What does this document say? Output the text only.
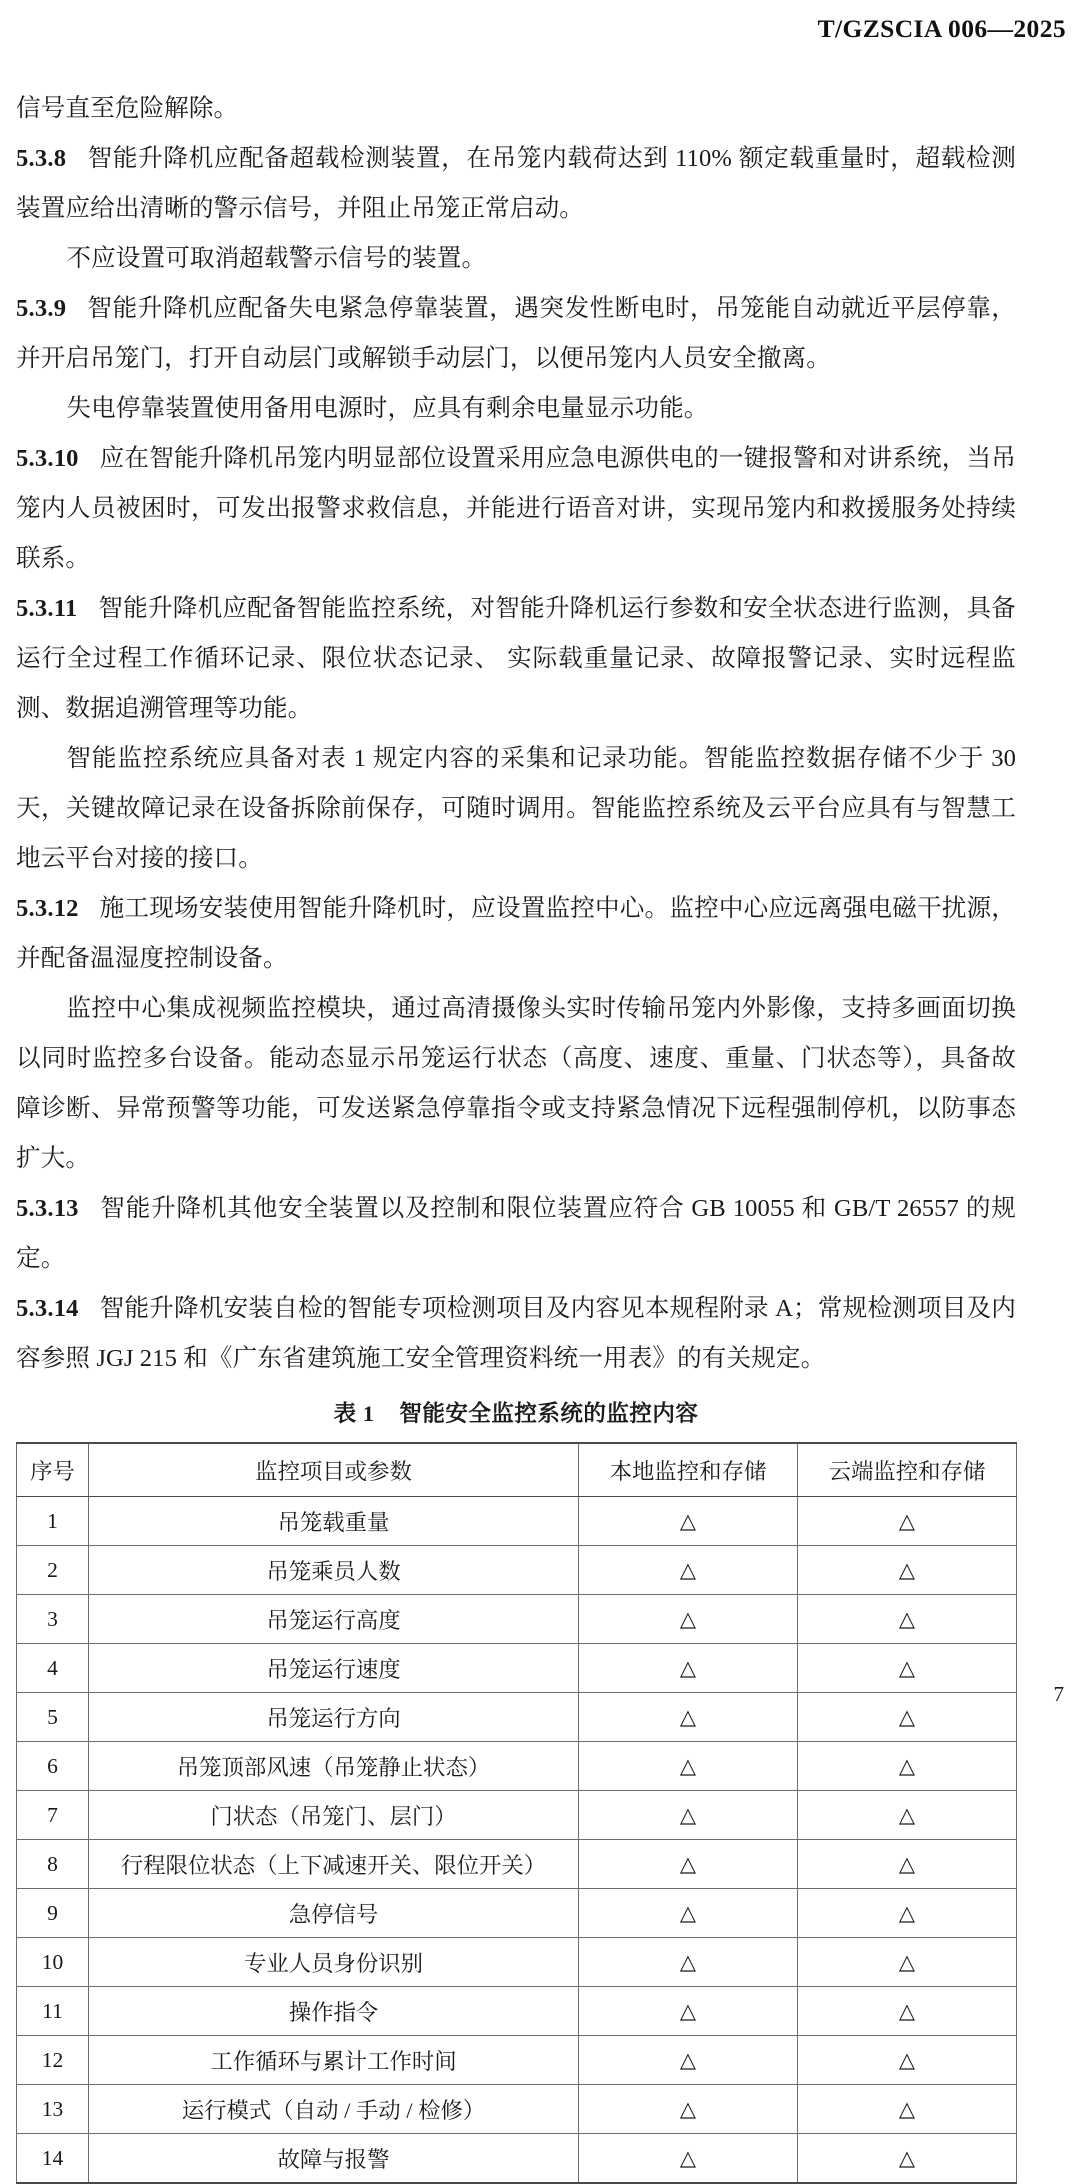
T/GZSCIA 006—2025

信号直至危险解除。

5.3.8 智能升降机应配备超载检测装置，在吊笼内载荷达到 110% 额定载重量时，超载检测装置应给出清晰的警示信号，并阻止吊笼正常启动。

不应设置可取消超载警示信号的装置。

5.3.9 智能升降机应配备失电紧急停靠装置，遇突发性断电时，吊笼能自动就近平层停靠，并开启吊笼门，打开自动层门或解锁手动层门，以便吊笼内人员安全撤离。

失电停靠装置使用备用电源时，应具有剩余电量显示功能。

5.3.10 应在智能升降机吊笼内明显部位设置采用应急电源供电的一键报警和对讲系统，当吊笼内人员被困时，可发出报警求救信息，并能进行语音对讲，实现吊笼内和救援服务处持续联系。

5.3.11 智能升降机应配备智能监控系统，对智能升降机运行参数和安全状态进行监测，具备运行全过程工作循环记录、限位状态记录、 实际载重量记录、故障报警记录、实时远程监测、数据追溯管理等功能。

智能监控系统应具备对表 1 规定内容的采集和记录功能。智能监控数据存储不少于 30 天，关键故障记录在设备拆除前保存，可随时调用。智能监控系统及云平台应具有与智慧工地云平台对接的接口。

5.3.12 施工现场安装使用智能升降机时，应设置监控中心。监控中心应远离强电磁干扰源，并配备温湿度控制设备。

监控中心集成视频监控模块，通过高清摄像头实时传输吊笼内外影像，支持多画面切换以同时监控多台设备。能动态显示吊笼运行状态（高度、速度、重量、门状态等），具备故障诊断、异常预警等功能，可发送紧急停靠指令或支持紧急情况下远程强制停机，以防事态扩大。

5.3.13 智能升降机其他安全装置以及控制和限位装置应符合 GB 10055 和 GB/T 26557 的规定。

5.3.14 智能升降机安装自检的智能专项检测项目及内容见本规程附录 A；常规检测项目及内容参照 JGJ 215 和《广东省建筑施工安全管理资料统一用表》的有关规定。

表 1 智能安全监控系统的监控内容
序号	监控项目或参数	本地监控和存储	云端监控和存储
1	吊笼载重量	△	△
2	吊笼乘员人数	△	△
3	吊笼运行高度	△	△
4	吊笼运行速度	△	△
5	吊笼运行方向	△	△
6	吊笼顶部风速（吊笼静止状态）	△	△
7	门状态（吊笼门、层门）	△	△
8	行程限位状态（上下减速开关、限位开关）	△	△
9	急停信号	△	△
10	专业人员身份识别	△	△
11	操作指令	△	△
12	工作循环与累计工作时间	△	△
13	运行模式（自动 / 手动 / 检修）	△	△
14	故障与报警	△	△
7
